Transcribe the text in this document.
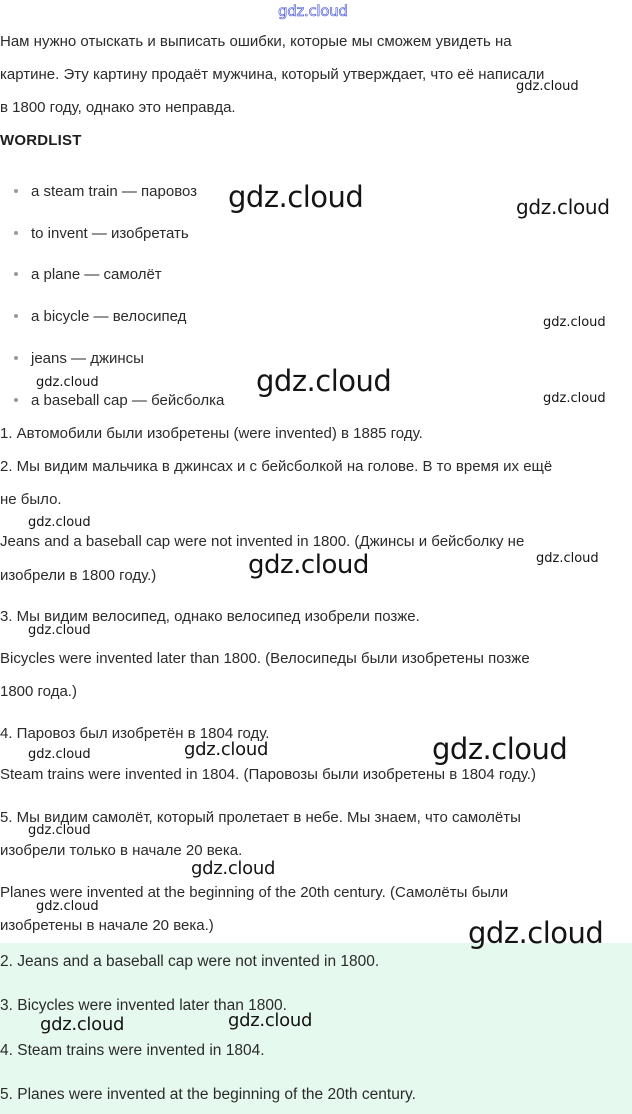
gdz.cloud
Нам нужно отыскать и выписать ошибки, которые мы сможем увидеть на
картине. Эту картину продаёт мужчина, который утверждает, что её написали
в 1800 году, однако это неправда.
WORDLIST
a steam train — паровоз
to invent — изобретать
a plane — самолёт
a bicycle — велосипед
jeans — джинсы
a baseball cap — бейсболка
1. Автомобили были изобретены (were invented) в 1885 году.
2. Мы видим мальчика в джинсах и с бейсболкой на голове. В то время их ещё
не было.
Jeans and a baseball cap were not invented in 1800. (Джинсы и бейсболку не
изобрели в 1800 году.)
3. Мы видим велосипед, однако велосипед изобрели позже.
Bicycles were invented later than 1800. (Велосипеды были изобретены позже
1800 года.)
4. Паровоз был изобретён в 1804 году.
Steam trains were invented in 1804. (Паровозы были изобретены в 1804 году.)
5. Мы видим самолёт, который пролетает в небе. Мы знаем, что самолёты
изобрели только в начале 20 века.
Planes were invented at the beginning of the 20th century. (Самолёты были
изобретены в начале 20 века.)
2. Jeans and a baseball cap were not invented in 1800.
3. Bicycles were invented later than 1800.
4. Steam trains were invented in 1804.
5. Planes were invented at the beginning of the 20th century.
gdz.cloud	gdz.cloud
gdz.cloud
gdz.cloud
gdz.cloud	gdz.cloud
gdz.cloud
gdz.cloud
gdz.cloud	gdz.cloud
gdz.cloud
gdz.cloud	gdz.cloud
gdz.cloud
gdz.cloud
gdz.cloud
gdz.cloud
gdz.cloud
gdz.cloud	gdz.cloud
